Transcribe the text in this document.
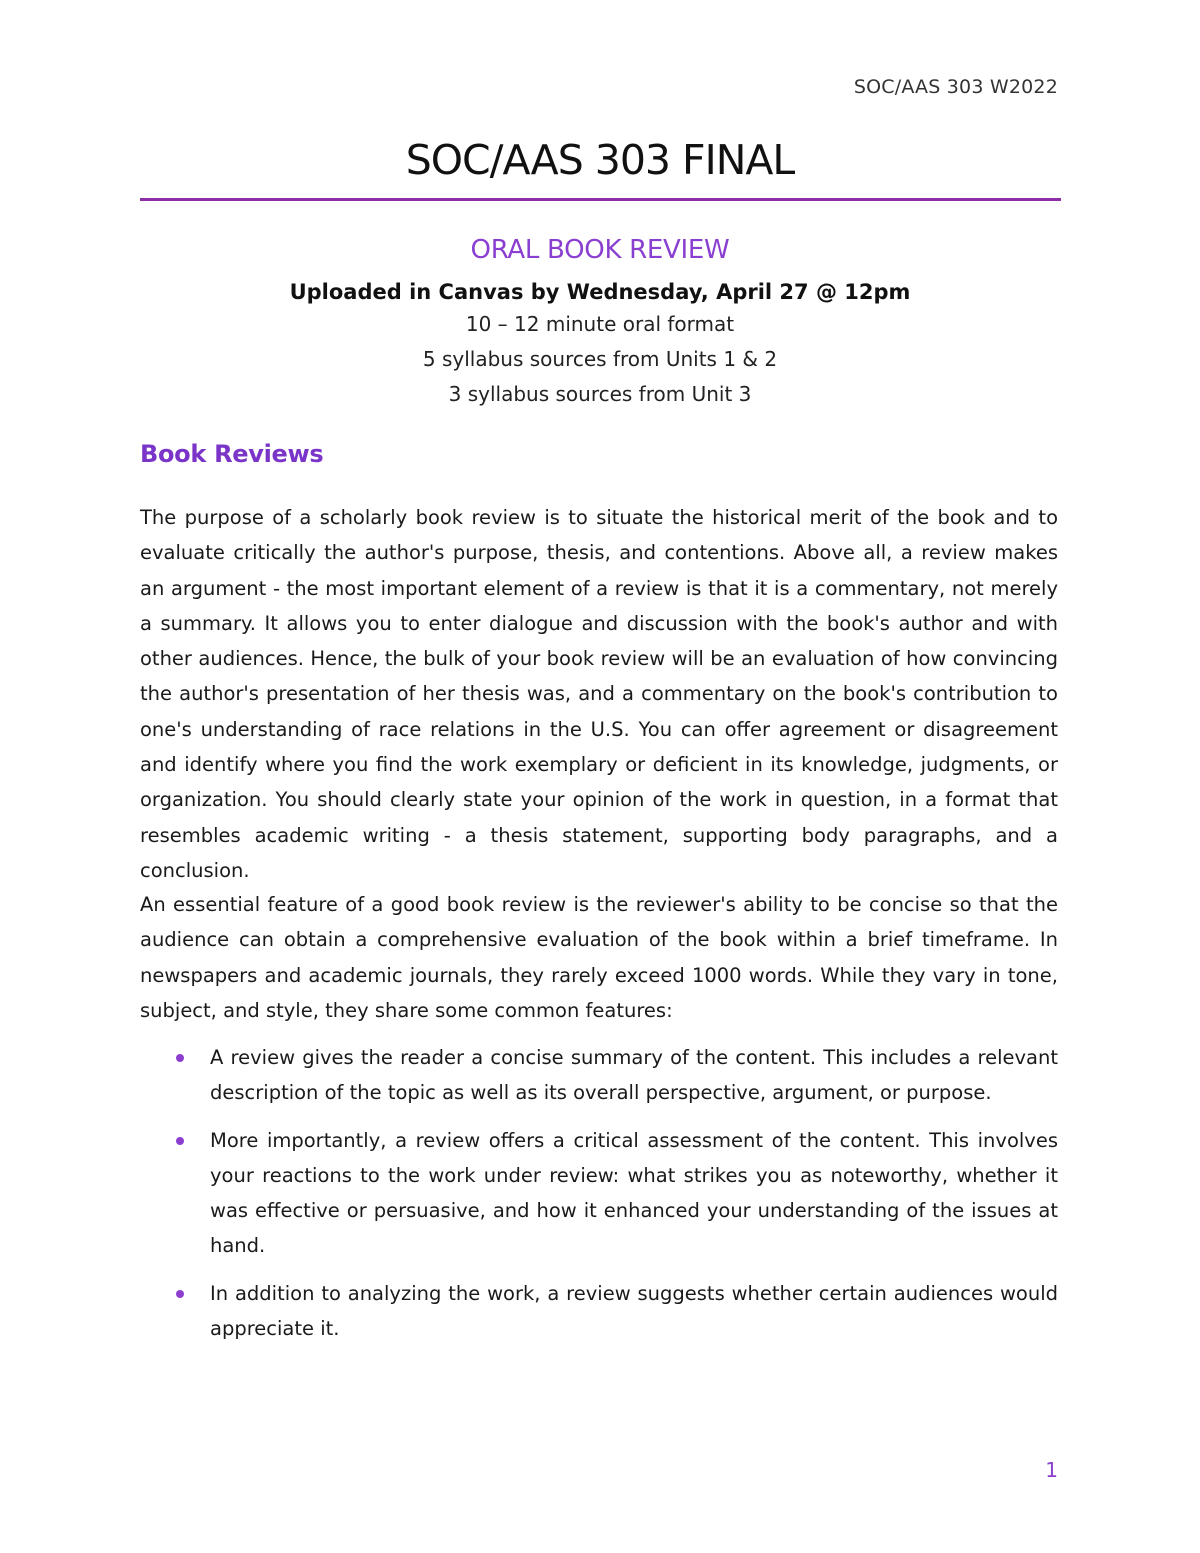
SOC/AAS 303 W2022
SOC/AAS 303 FINAL
ORAL BOOK REVIEW
Uploaded in Canvas by Wednesday, April 27 @ 12pm
10 – 12 minute oral format
5 syllabus sources from Units 1 & 2
3 syllabus sources from Unit 3
Book Reviews

The purpose of a scholarly book review is to situate the historical merit of the book and to evaluate critically the author's purpose, thesis, and contentions. Above all, a review makes an argument - the most important element of a review is that it is a commentary, not merely a summary. It allows you to enter dialogue and discussion with the book's author and with other audiences. Hence, the bulk of your book review will be an evaluation of how convincing the author's presentation of her thesis was, and a commentary on the book's contribution to one's understanding of race relations in the U.S. You can offer agreement or disagreement and identify where you find the work exemplary or deficient in its knowledge, judgments, or organization. You should clearly state your opinion of the work in question, in a format that resembles academic writing - a thesis statement, supporting body paragraphs, and a conclusion.

An essential feature of a good book review is the reviewer's ability to be concise so that the audience can obtain a comprehensive evaluation of the book within a brief timeframe. In newspapers and academic journals, they rarely exceed 1000 words. While they vary in tone, subject, and style, they share some common features:

A review gives the reader a concise summary of the content. This includes a relevant description of the topic as well as its overall perspective, argument, or purpose.
More importantly, a review offers a critical assessment of the content. This involves your reactions to the work under review: what strikes you as noteworthy, whether it was effective or persuasive, and how it enhanced your understanding of the issues at hand.
In addition to analyzing the work, a review suggests whether certain audiences would appreciate it.
1
